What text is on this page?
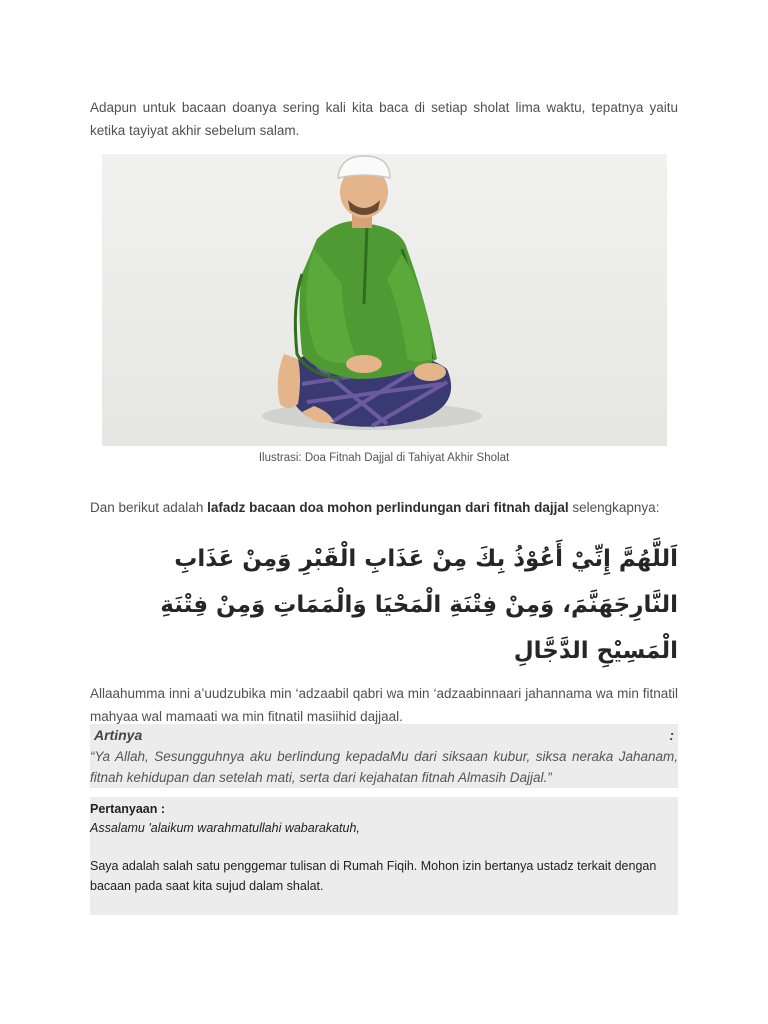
Adapun untuk bacaan doanya sering kali kita baca di setiap sholat lima waktu, tepatnya yaitu ketika tayiyat akhir sebelum salam.

Ilustrasi: Doa Fitnah Dajjal di Tahiyat Akhir Sholat

Dan berikut adalah lafadz bacaan doa mohon perlindungan dari fitnah dajjal selengkapnya:

اَللَّهُمَّ إِنِّيْ أَعُوْذُ بِكَ مِنْ عَذَابِ الْقَبْرِ وَمِنْ عَذَابِ النَّارِجَهَنَّمَ، وَمِنْ فِتْنَةِ الْمَحْيَا وَالْمَمَاتِ وَمِنْ فِتْنَةِ الْمَسِيْحِ الدَّجَّالِ

Allaahumma inni a’uudzubika min ‘adzaabil qabri wa min ‘adzaabinnaari jahannama wa min fitnatil mahyaa wal mamaati wa min fitnatil masiihid dajjaal.

Artinya	:
“Ya Allah, Sesungguhnya aku berlindung kepadaMu dari siksaan kubur, siksa neraka Jahanam, fitnah kehidupan dan setelah mati, serta dari kejahatan fitnah Almasih Dajjal.”
Pertanyaan :
Assalamu 'alaikum warahmatullahi wabarakatuh,
Saya adalah salah satu penggemar tulisan di Rumah Fiqih. Mohon izin bertanya ustadz terkait dengan bacaan pada saat kita sujud dalam shalat.
